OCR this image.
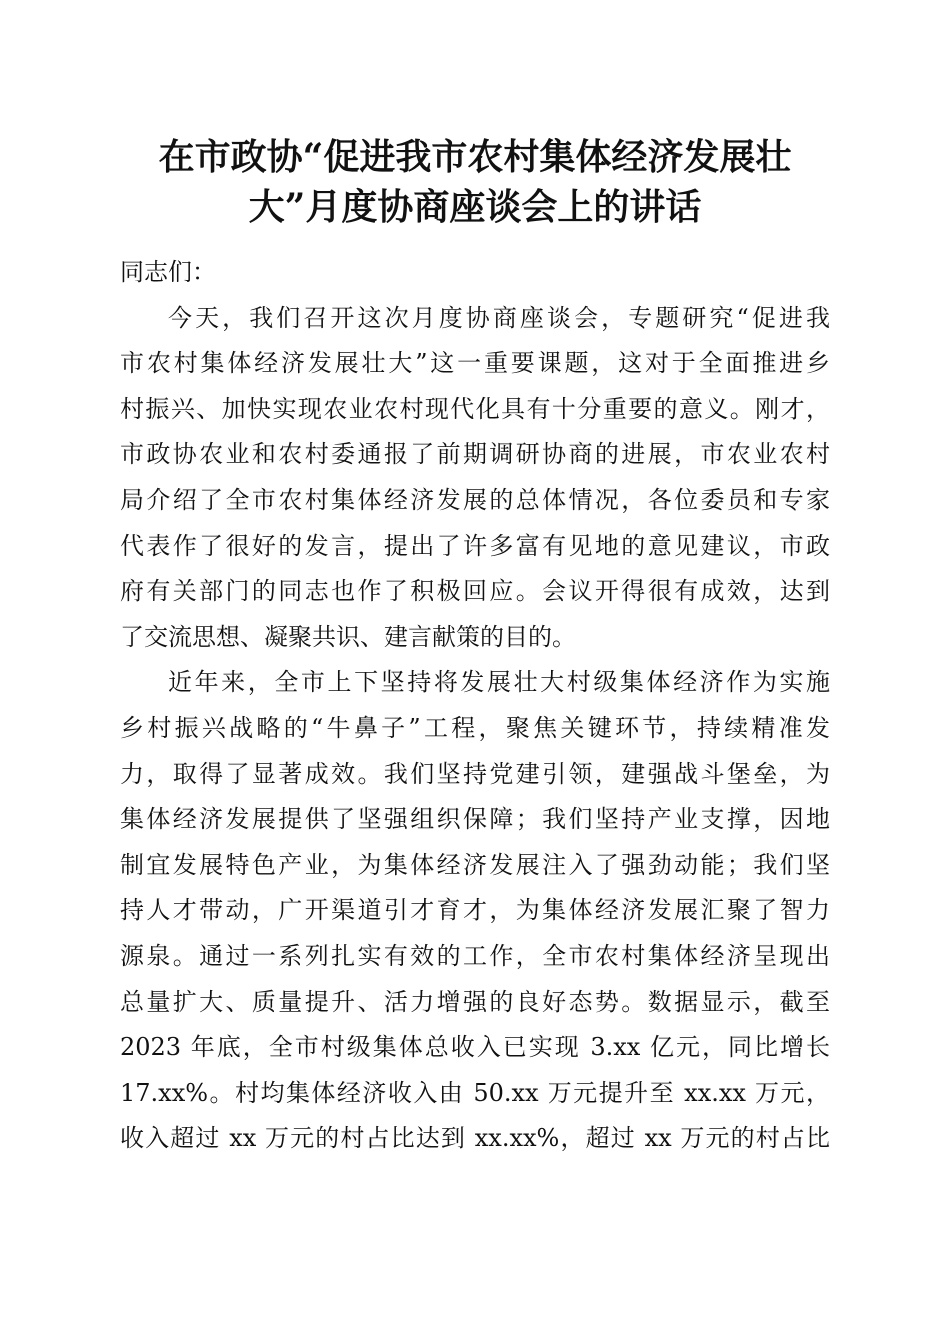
在市政协“促进我市农村集体经济发展壮
大”月度协商座谈会上的讲话

同志们：

今天，我们召开这次月度协商座谈会，专题研究“促进我
市农村集体经济发展壮大”这一重要课题，这对于全面推进乡
村振兴、加快实现农业农村现代化具有十分重要的意义。刚才，
市政协农业和农村委通报了前期调研协商的进展，市农业农村
局介绍了全市农村集体经济发展的总体情况，各位委员和专家
代表作了很好的发言，提出了许多富有见地的意见建议，市政
府有关部门的同志也作了积极回应。会议开得很有成效，达到
了交流思想、凝聚共识、建言献策的目的。
近年来，全市上下坚持将发展壮大村级集体经济作为实施
乡村振兴战略的“牛鼻子”工程，聚焦关键环节，持续精准发
力，取得了显著成效。我们坚持党建引领，建强战斗堡垒，为
集体经济发展提供了坚强组织保障；我们坚持产业支撑，因地
制宜发展特色产业，为集体经济发展注入了强劲动能；我们坚
持人才带动，广开渠道引才育才，为集体经济发展汇聚了智力
源泉。通过一系列扎实有效的工作，全市农村集体经济呈现出
总量扩大、质量提升、活力增强的良好态势。数据显示，截至
2023 年底，全市村级集体总收入已实现 3.xx 亿元，同比增长
17.xx%。村均集体经济收入由 50.xx 万元提升至 xx.xx 万元，
收入超过 xx 万元的村占比达到 xx.xx%，超过 xx 万元的村占比
